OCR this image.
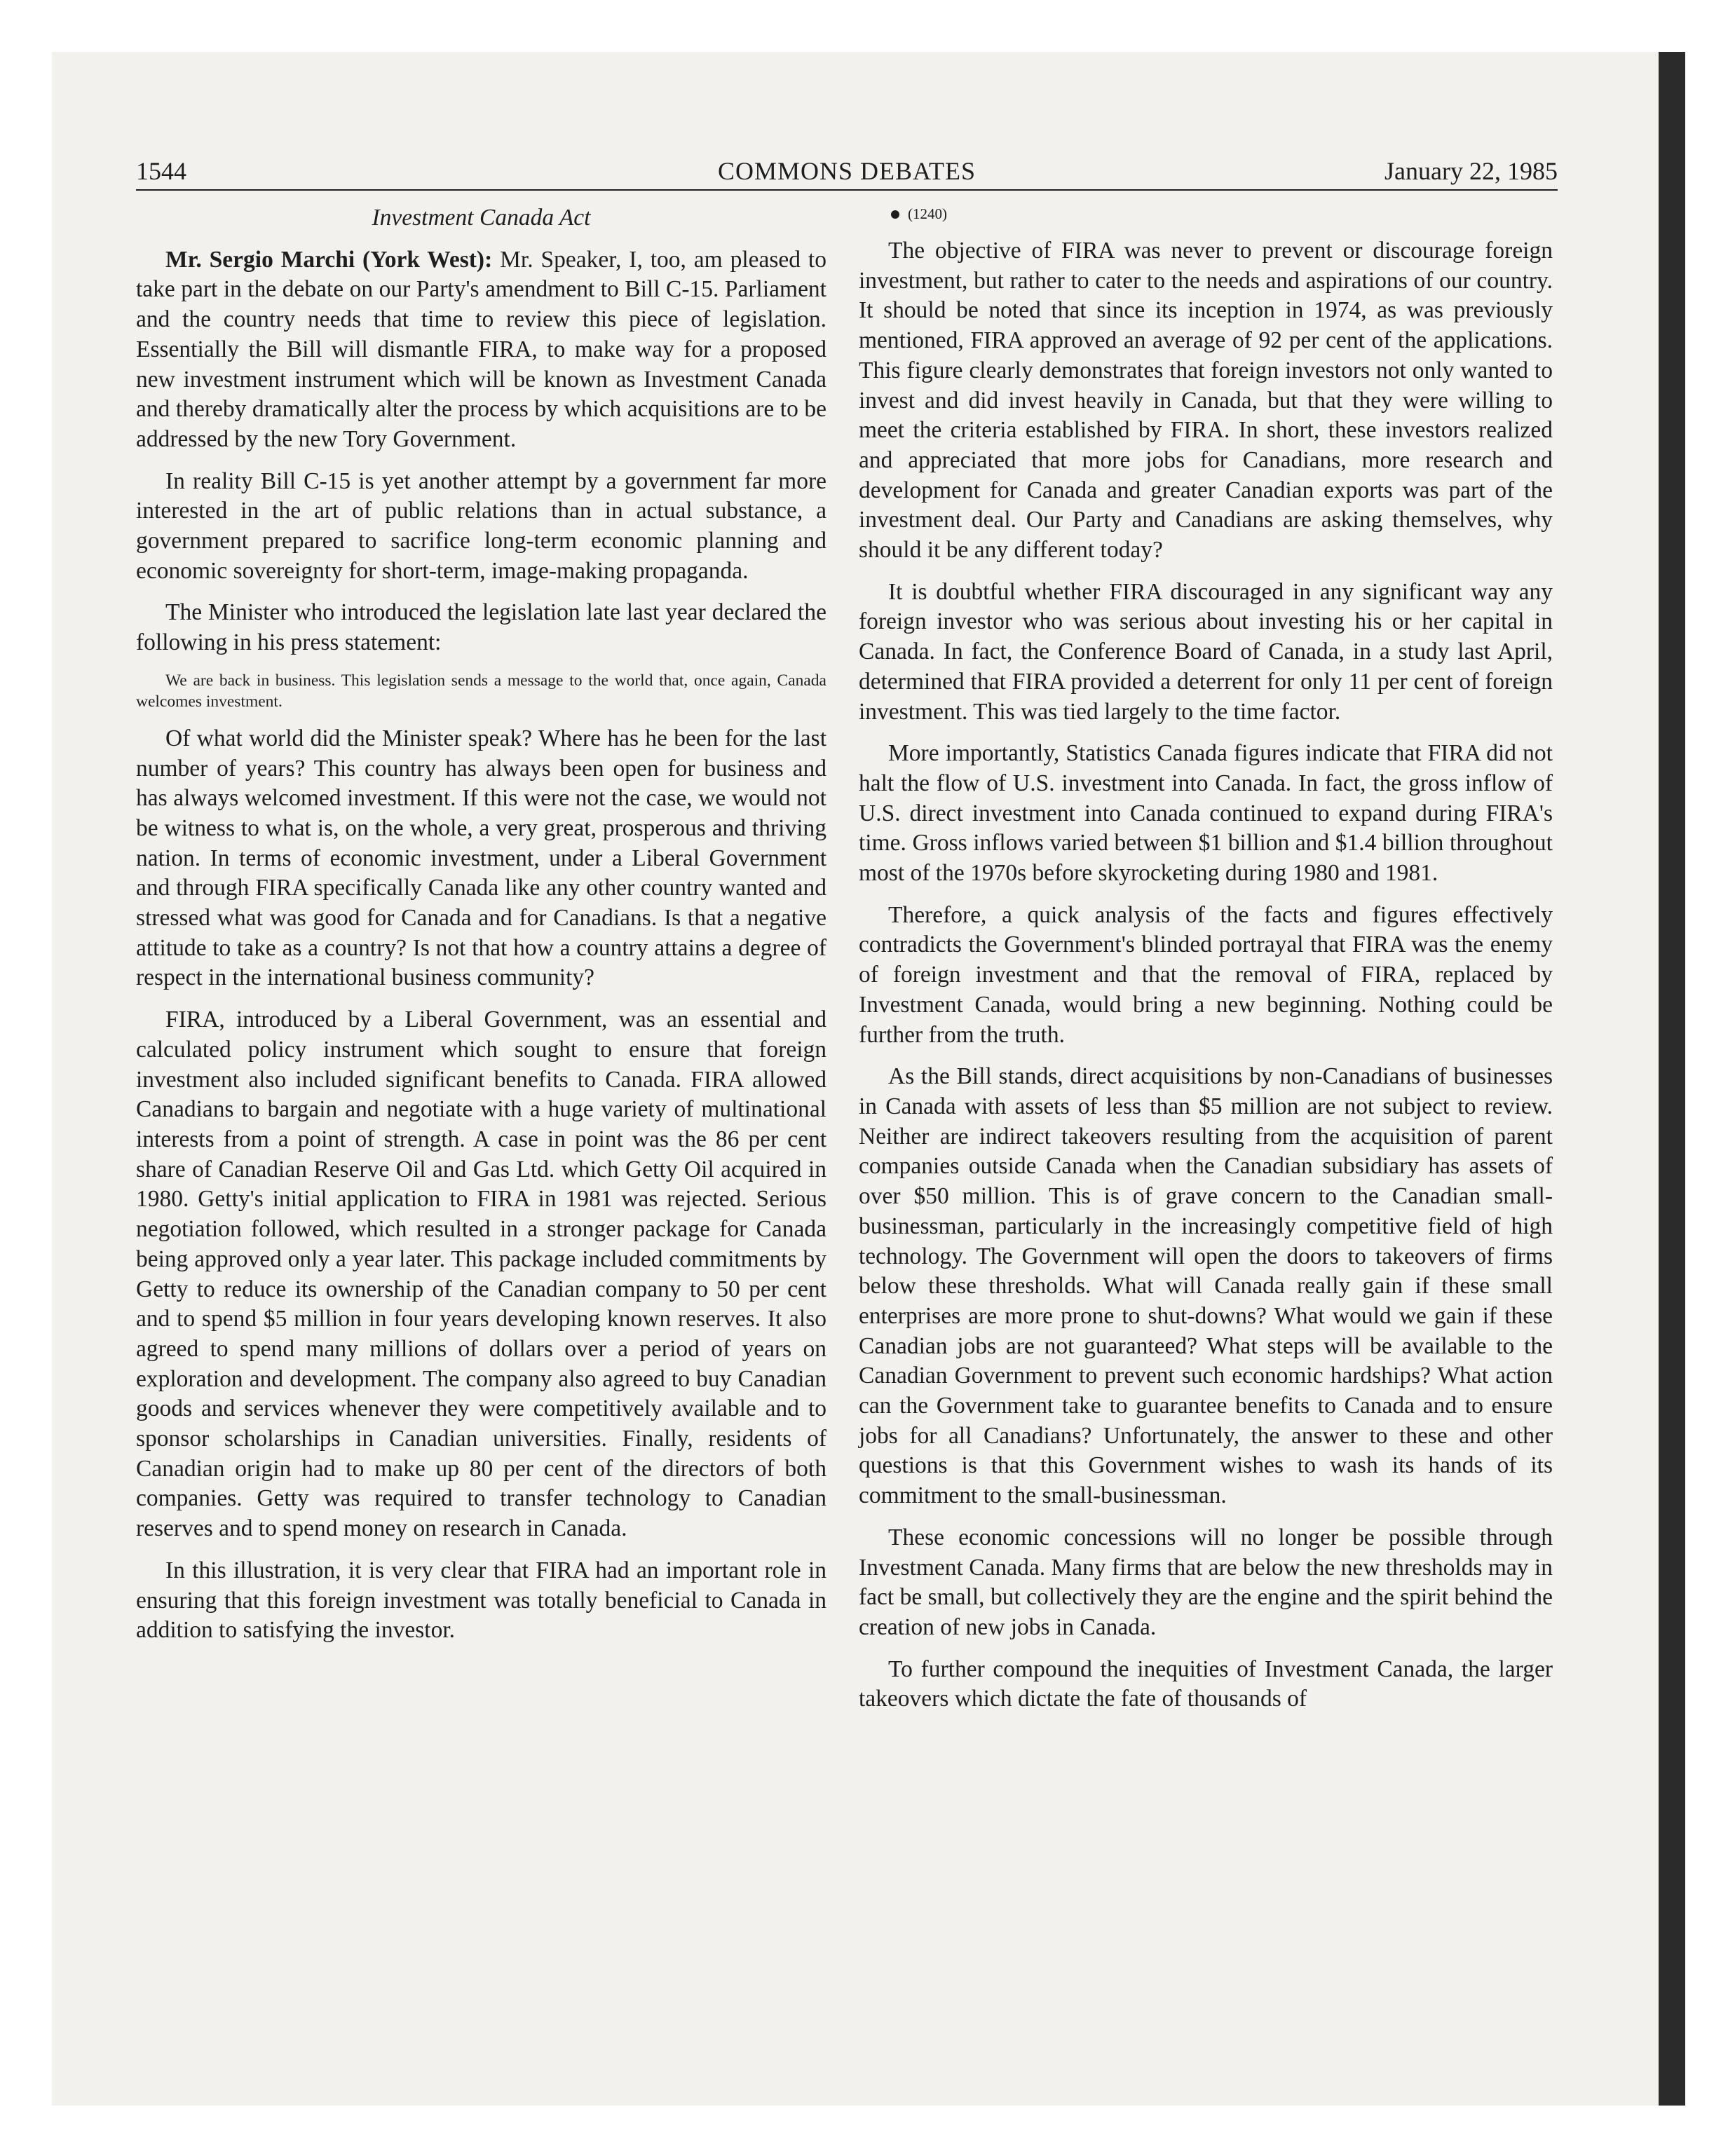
1544	COMMONS DEBATES	January 22, 1985

Investment Canada Act

Mr. Sergio Marchi (York West): Mr. Speaker, I, too, am pleased to take part in the debate on our Party's amendment to Bill C-15. Parliament and the country needs that time to review this piece of legislation. Essentially the Bill will dismantle FIRA, to make way for a proposed new investment instrument which will be known as Investment Canada and thereby dramatically alter the process by which acquisitions are to be addressed by the new Tory Government.

In reality Bill C-15 is yet another attempt by a government far more interested in the art of public relations than in actual substance, a government prepared to sacrifice long-term economic planning and economic sovereignty for short-term, image-making propaganda.

The Minister who introduced the legislation late last year declared the following in his press statement:

We are back in business. This legislation sends a message to the world that, once again, Canada welcomes investment.

Of what world did the Minister speak? Where has he been for the last number of years? This country has always been open for business and has always welcomed investment. If this were not the case, we would not be witness to what is, on the whole, a very great, prosperous and thriving nation. In terms of economic investment, under a Liberal Government and through FIRA specifically Canada like any other country wanted and stressed what was good for Canada and for Canadians. Is that a negative attitude to take as a country? Is not that how a country attains a degree of respect in the international business community?

FIRA, introduced by a Liberal Government, was an essential and calculated policy instrument which sought to ensure that foreign investment also included significant benefits to Canada. FIRA allowed Canadians to bargain and negotiate with a huge variety of multinational interests from a point of strength. A case in point was the 86 per cent share of Canadian Reserve Oil and Gas Ltd. which Getty Oil acquired in 1980. Getty's initial application to FIRA in 1981 was rejected. Serious negotiation followed, which resulted in a stronger package for Canada being approved only a year later. This package included commitments by Getty to reduce its ownership of the Canadian company to 50 per cent and to spend $5 million in four years developing known reserves. It also agreed to spend many millions of dollars over a period of years on exploration and development. The company also agreed to buy Canadian goods and services whenever they were competitively available and to sponsor scholarships in Canadian universities. Finally, residents of Canadian origin had to make up 80 per cent of the directors of both companies. Getty was required to transfer technology to Canadian reserves and to spend money on research in Canada.

In this illustration, it is very clear that FIRA had an important role in ensuring that this foreign investment was totally beneficial to Canada in addition to satisfying the investor.

(1240)

The objective of FIRA was never to prevent or discourage foreign investment, but rather to cater to the needs and aspirations of our country. It should be noted that since its inception in 1974, as was previously mentioned, FIRA approved an average of 92 per cent of the applications. This figure clearly demonstrates that foreign investors not only wanted to invest and did invest heavily in Canada, but that they were willing to meet the criteria established by FIRA. In short, these investors realized and appreciated that more jobs for Canadians, more research and development for Canada and greater Canadian exports was part of the investment deal. Our Party and Canadians are asking themselves, why should it be any different today?

It is doubtful whether FIRA discouraged in any significant way any foreign investor who was serious about investing his or her capital in Canada. In fact, the Conference Board of Canada, in a study last April, determined that FIRA provided a deterrent for only 11 per cent of foreign investment. This was tied largely to the time factor.

More importantly, Statistics Canada figures indicate that FIRA did not halt the flow of U.S. investment into Canada. In fact, the gross inflow of U.S. direct investment into Canada continued to expand during FIRA's time. Gross inflows varied between $1 billion and $1.4 billion throughout most of the 1970s before skyrocketing during 1980 and 1981.

Therefore, a quick analysis of the facts and figures effectively contradicts the Government's blinded portrayal that FIRA was the enemy of foreign investment and that the removal of FIRA, replaced by Investment Canada, would bring a new beginning. Nothing could be further from the truth.

As the Bill stands, direct acquisitions by non-Canadians of businesses in Canada with assets of less than $5 million are not subject to review. Neither are indirect takeovers resulting from the acquisition of parent companies outside Canada when the Canadian subsidiary has assets of over $50 million. This is of grave concern to the Canadian small-businessman, particularly in the increasingly competitive field of high technology. The Government will open the doors to takeovers of firms below these thresholds. What will Canada really gain if these small enterprises are more prone to shut-downs? What would we gain if these Canadian jobs are not guaranteed? What steps will be available to the Canadian Government to prevent such economic hardships? What action can the Government take to guarantee benefits to Canada and to ensure jobs for all Canadians? Unfortunately, the answer to these and other questions is that this Government wishes to wash its hands of its commitment to the small-businessman.

These economic concessions will no longer be possible through Investment Canada. Many firms that are below the new thresholds may in fact be small, but collectively they are the engine and the spirit behind the creation of new jobs in Canada.

To further compound the inequities of Investment Canada, the larger takeovers which dictate the fate of thousands of
